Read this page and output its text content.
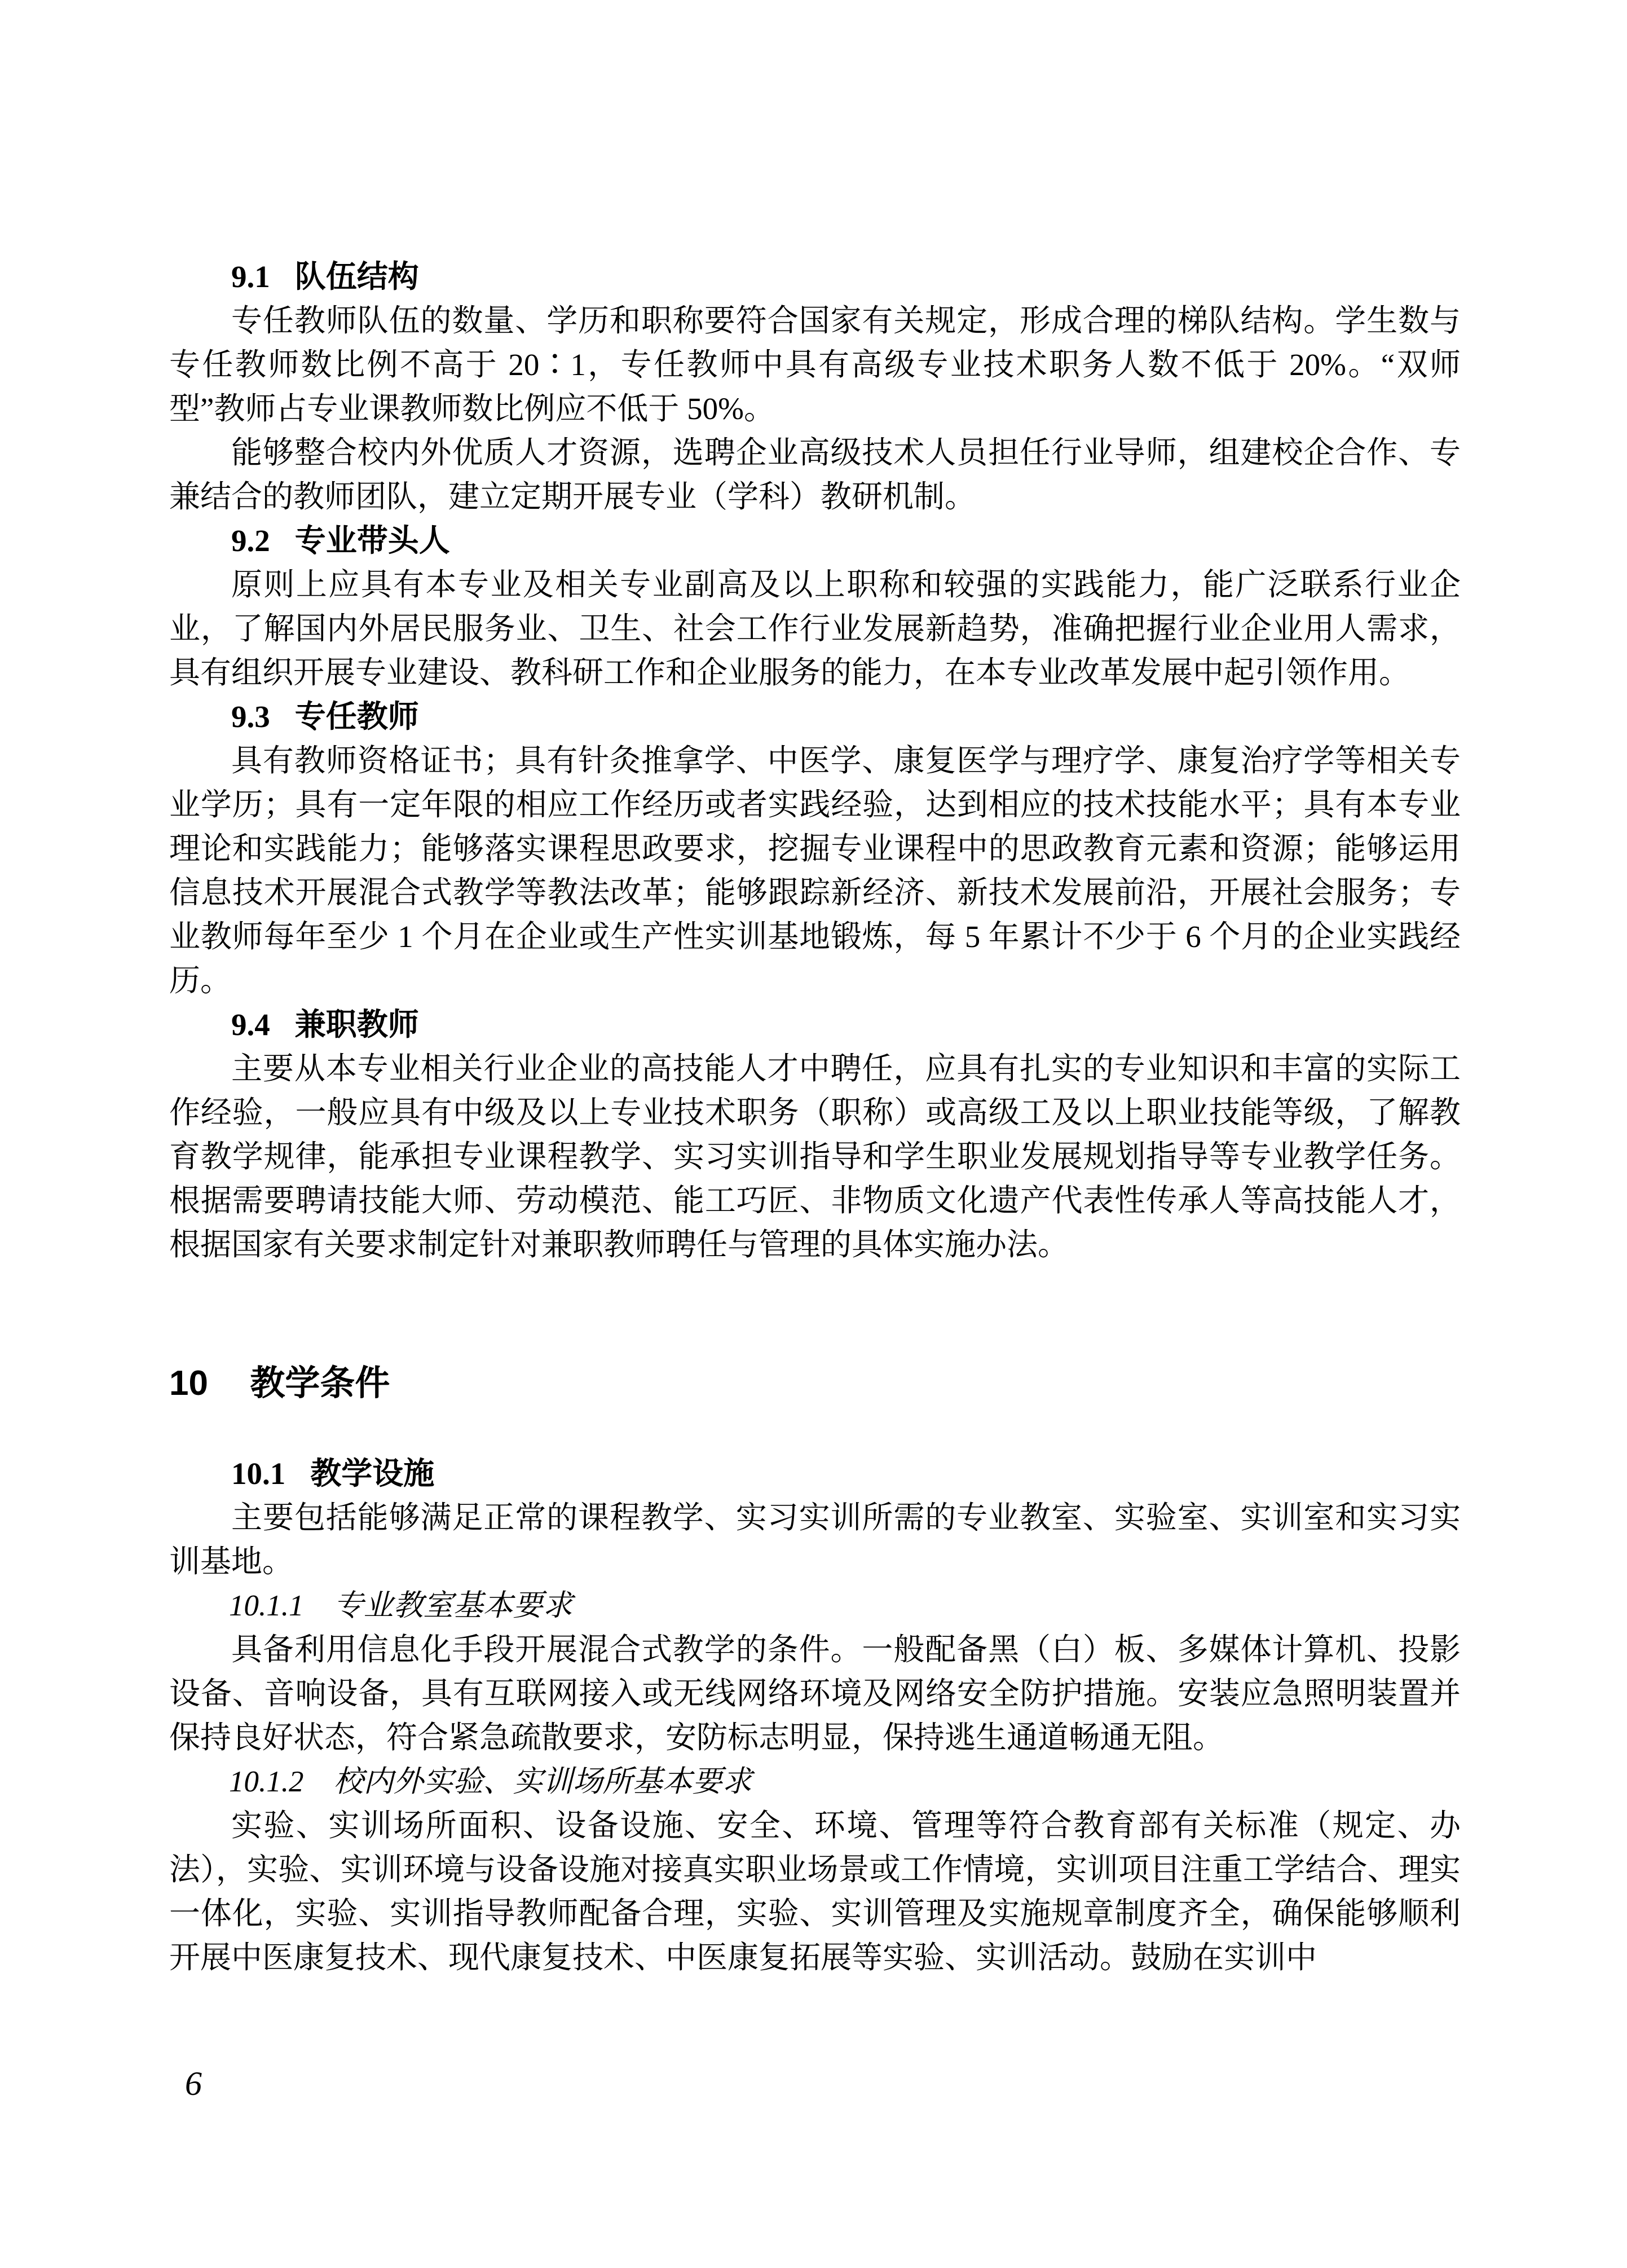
9.1 队伍结构

专任教师队伍的数量、学历和职称要符合国家有关规定，形成合理的梯队结构。学生数与专任教师数比例不高于 20∶1，专任教师中具有高级专业技术职务人数不低于 20%。“双师型”教师占专业课教师数比例应不低于 50%。

能够整合校内外优质人才资源，选聘企业高级技术人员担任行业导师，组建校企合作、专兼结合的教师团队，建立定期开展专业（学科）教研机制。

9.2 专业带头人

原则上应具有本专业及相关专业副高及以上职称和较强的实践能力，能广泛联系行业企业，了解国内外居民服务业、卫生、社会工作行业发展新趋势，准确把握行业企业用人需求，具有组织开展专业建设、教科研工作和企业服务的能力，在本专业改革发展中起引领作用。

9.3 专任教师

具有教师资格证书；具有针灸推拿学、中医学、康复医学与理疗学、康复治疗学等相关专业学历；具有一定年限的相应工作经历或者实践经验，达到相应的技术技能水平；具有本专业理论和实践能力；能够落实课程思政要求，挖掘专业课程中的思政教育元素和资源；能够运用信息技术开展混合式教学等教法改革；能够跟踪新经济、新技术发展前沿，开展社会服务；专业教师每年至少 1 个月在企业或生产性实训基地锻炼，每 5 年累计不少于 6 个月的企业实践经历。

9.4 兼职教师

主要从本专业相关行业企业的高技能人才中聘任，应具有扎实的专业知识和丰富的实际工作经验，一般应具有中级及以上专业技术职务（职称）或高级工及以上职业技能等级，了解教育教学规律，能承担专业课程教学、实习实训指导和学生职业发展规划指导等专业教学任务。根据需要聘请技能大师、劳动模范、能工巧匠、非物质文化遗产代表性传承人等高技能人才，根据国家有关要求制定针对兼职教师聘任与管理的具体实施办法。

10 教学条件
10.1 教学设施

主要包括能够满足正常的课程教学、实习实训所需的专业教室、实验室、实训室和实习实训基地。

10.1.1 专业教室基本要求

具备利用信息化手段开展混合式教学的条件。一般配备黑（白）板、多媒体计算机、投影设备、音响设备，具有互联网接入或无线网络环境及网络安全防护措施。安装应急照明装置并保持良好状态，符合紧急疏散要求，安防标志明显，保持逃生通道畅通无阻。

10.1.2 校内外实验、实训场所基本要求

实验、实训场所面积、设备设施、安全、环境、管理等符合教育部有关标准（规定、办法），实验、实训环境与设备设施对接真实职业场景或工作情境，实训项目注重工学结合、理实一体化，实验、实训指导教师配备合理，实验、实训管理及实施规章制度齐全，确保能够顺利开展中医康复技术、现代康复技术、中医康复拓展等实验、实训活动。鼓励在实训中

6
